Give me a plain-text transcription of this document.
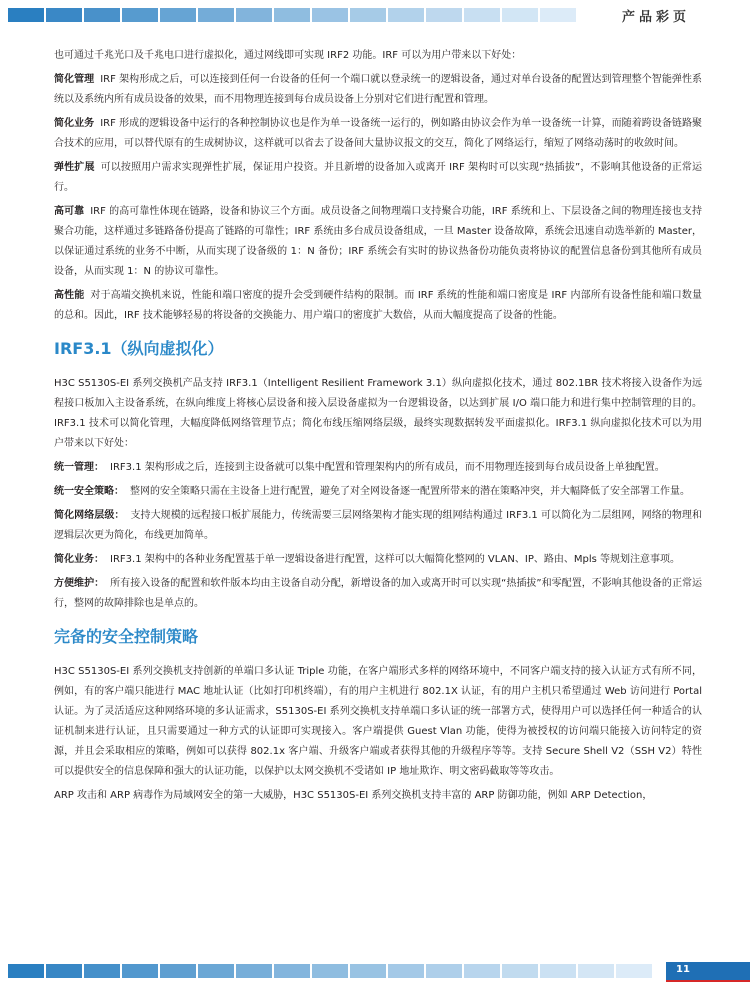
产品彩页

也可通过千兆光口及千兆电口进行虚拟化，通过网线即可实现 IRF2 功能。IRF 可以为用户带来以下好处：

简化管理 IRF 架构形成之后，可以连接到任何一台设备的任何一个端口就以登录统一的逻辑设备，通过对单台设备的配置达到管理整个智能弹性系统以及系统内所有成员设备的效果，而不用物理连接到每台成员设备上分别对它们进行配置和管理。

简化业务 IRF 形成的逻辑设备中运行的各种控制协议也是作为单一设备统一运行的，例如路由协议会作为单一设备统一计算，而随着跨设备链路聚合技术的应用，可以替代原有的生成树协议，这样就可以省去了设备间大量协议报文的交互，简化了网络运行，缩短了网络动荡时的收敛时间。

弹性扩展 可以按照用户需求实现弹性扩展，保证用户投资。并且新增的设备加入或离开 IRF 架构时可以实现“热插拔”，不影响其他设备的正常运行。

高可靠 IRF 的高可靠性体现在链路，设备和协议三个方面。成员设备之间物理端口支持聚合功能，IRF 系统和上、下层设备之间的物理连接也支持聚合功能，这样通过多链路备份提高了链路的可靠性；IRF 系统由多台成员设备组成，一旦 Master 设备故障，系统会迅速自动选举新的 Master，以保证通过系统的业务不中断，从而实现了设备级的 1：N 备份；IRF 系统会有实时的协议热备份功能负责将协议的配置信息备份到其他所有成员设备，从而实现 1：N 的协议可靠性。

高性能 对于高端交换机来说，性能和端口密度的提升会受到硬件结构的限制。而 IRF 系统的性能和端口密度是 IRF 内部所有设备性能和端口数量的总和。因此，IRF 技术能够轻易的将设备的交换能力、用户端口的密度扩大数倍，从而大幅度提高了设备的性能。

IRF3.1（纵向虚拟化）

H3C S5130S-EI 系列交换机产品支持 IRF3.1（Intelligent Resilient Framework 3.1）纵向虚拟化技术，通过 802.1BR 技术将接入设备作为远程接口板加入主设备系统，在纵向维度上将核心层设备和接入层设备虚拟为一台逻辑设备，以达到扩展 I/O 端口能力和进行集中控制管理的目的。IRF3.1 技术可以简化管理，大幅度降低网络管理节点；简化布线压缩网络层级，最终实现数据转发平面虚拟化。IRF3.1 纵向虚拟化技术可以为用户带来以下好处：

统一管理： IRF3.1 架构形成之后，连接到主设备就可以集中配置和管理架构内的所有成员，而不用物理连接到每台成员设备上单独配置。

统一安全策略： 整网的安全策略只需在主设备上进行配置，避免了对全网设备逐一配置所带来的潜在策略冲突，并大幅降低了安全部署工作量。

简化网络层级： 支持大规模的远程接口板扩展能力，传统需要三层网络架构才能实现的组网结构通过 IRF3.1 可以简化为二层组网，网络的物理和逻辑层次更为简化，布线更加简单。

简化业务： IRF3.1 架构中的各种业务配置基于单一逻辑设备进行配置，这样可以大幅简化整网的 VLAN、IP、路由、Mpls 等规划注意事项。

方便维护： 所有接入设备的配置和软件版本均由主设备自动分配，新增设备的加入或离开时可以实现“热插拔”和零配置，不影响其他设备的正常运行，整网的故障排除也是单点的。

完备的安全控制策略

H3C S5130S-EI 系列交换机支持创新的单端口多认证 Triple 功能，在客户端形式多样的网络环境中，不同客户端支持的接入认证方式有所不同，例如，有的客户端只能进行 MAC 地址认证（比如打印机终端），有的用户主机进行 802.1X 认证，有的用户主机只希望通过 Web 访问进行 Portal 认证。为了灵活适应这种网络环境的多认证需求，S5130S-EI 系列交换机支持单端口多认证的统一部署方式，使得用户可以选择任何一种适合的认证机制来进行认证，且只需要通过一种方式的认证即可实现接入。客户端提供 Guest Vlan 功能，使得为被授权的访问端只能接入访问特定的资源，并且会采取相应的策略，例如可以获得 802.1x 客户端、升级客户端或者获得其他的升级程序等等。支持 Secure Shell V2（SSH V2）特性可以提供安全的信息保障和强大的认证功能，以保护以太网交换机不受诸如 IP 地址欺诈、明文密码截取等等攻击。

ARP 攻击和 ARP 病毒作为局域网安全的第一大威胁，H3C S5130S-EI 系列交换机支持丰富的 ARP 防御功能，例如 ARP Detection，

11
